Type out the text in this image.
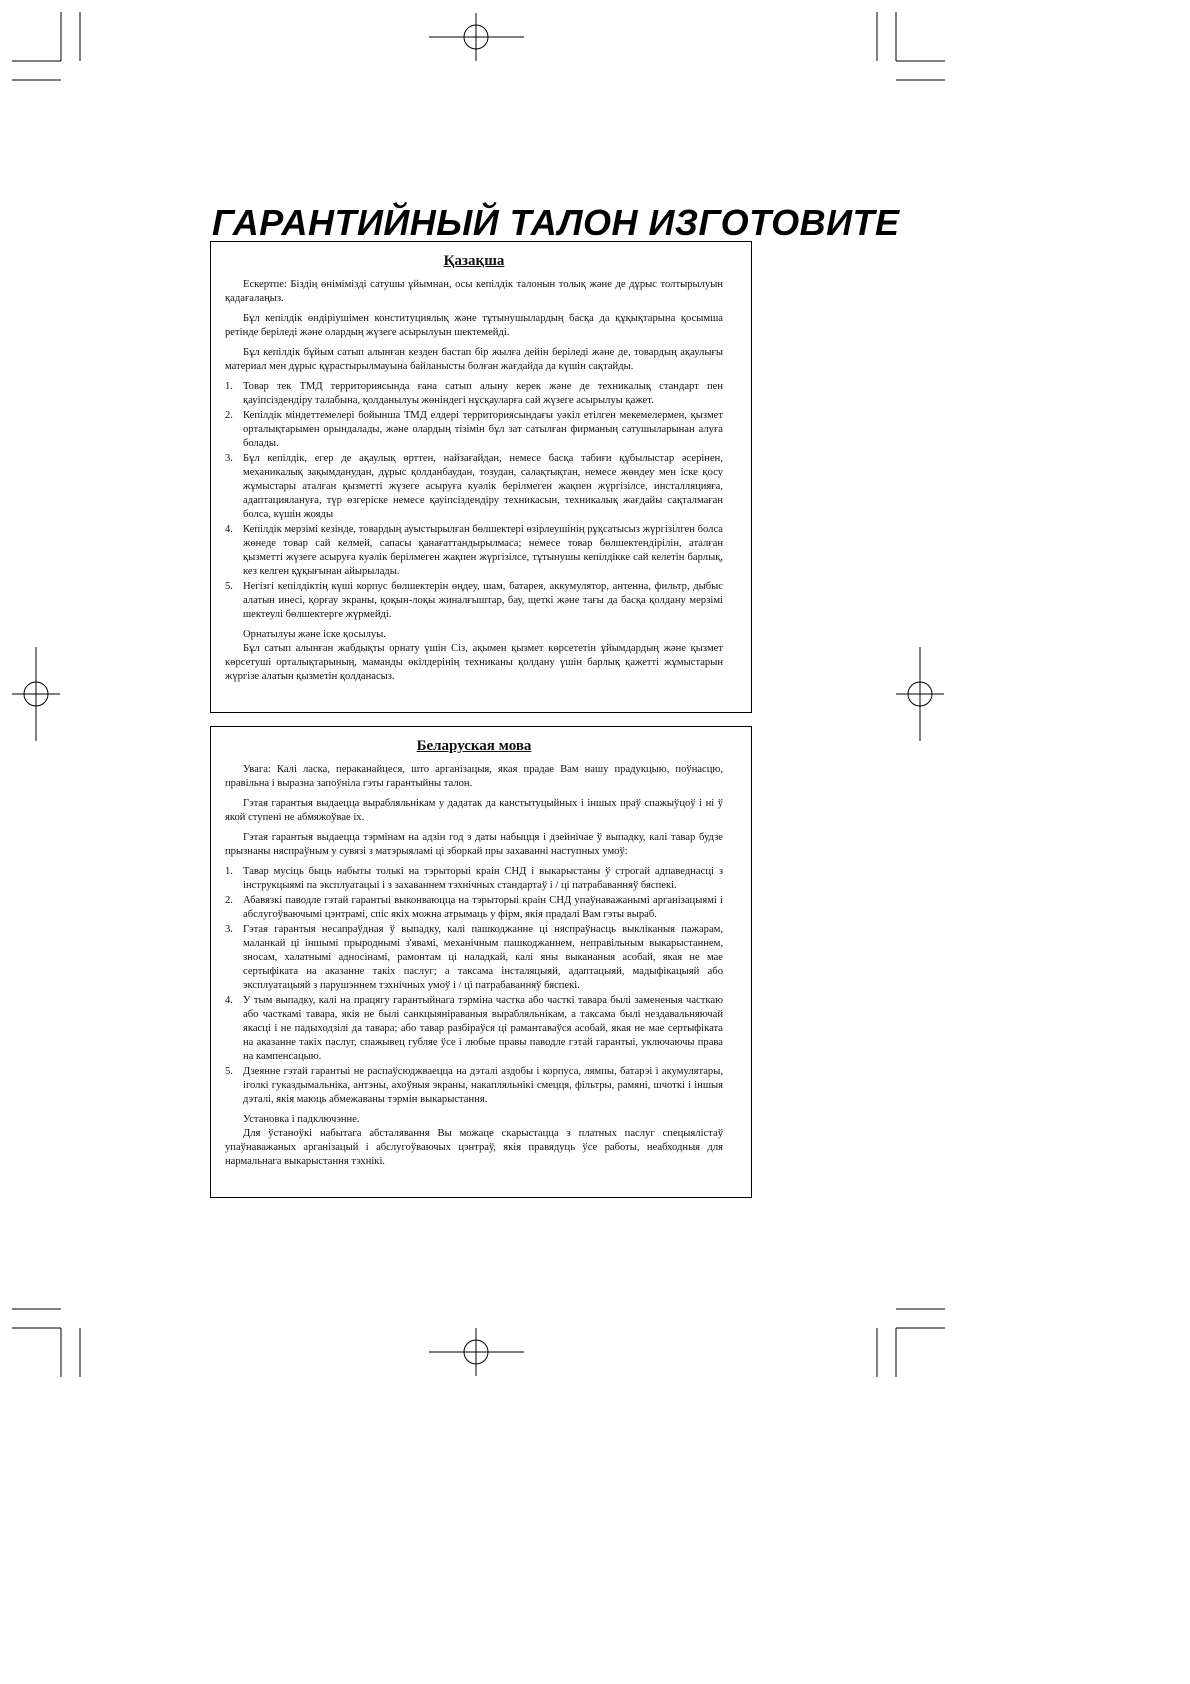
ГАРАНТИЙНЫЙ ТАЛОН ИЗГОТОВИТЕ
Қазақша

Ескертпе: Біздің өнімімізді сатушы ұйымнан, осы кепілдік талонын толық және де дұрыс толтырылуын қадағалаңыз.

Бұл кепілдік өндіріушімен конституциялық және тұтынушылардың басқа да құқықтарына қосымша ретінде беріледі және олардың жүзеге асырылуын шектемейді.

Бұл кепілдік бұйым сатып алынған кезден бастап бір жылға дейін беріледі және де, товардың ақаулығы материал мен дұрыс құрастырылмауына байланысты болған жағдайда да күшін сақтайды.

1. Товар тек ТМД территориясында ғана сатып алыну керек және де техникалық стандарт пен қауіпсіздендіру талабына, қолданылуы жөніндегі нұсқауларға сай жүзеге асырылуы қажет.
2. Кепілдік міндеттемелері бойынша ТМД елдері территориясындағы уәкіл етілген мекемелермен, қызмет орталықтарымен орындалады, және олардың тізімін бұл зат сатылған фирманың сатушыларынан алуға болады.
3. Бұл кепілдік, егер де ақаулық өрттен, найзағайдан, немесе басқа табиғи құбылыстар әсерінен, механикалық зақымданудан, дұрыс қолданбаудан, тозудан, салақтықтан, немесе жөндеу мен іске қосу жұмыстары аталған қызметті жүзеге асыруға куәлік берілмеген жақпен жүргізілсе, инсталляцияға, адаптациялануға, түр өзгеріске немесе қауіпсіздендіру техникасын, техникалық жағдайы сақталмаған болса, күшін жояды
4. Кепілдік мерзімі кезінде, товардың ауыстырылған бөлшектері өзірлеушінің рұқсатысыз жүргізілген болса жөнеде товар сай келмей, сапасы қанағаттандырылмаса; немесе товар бөлшектендірілін, аталған қызметті жүзеге асыруға куәлік берілмеген жақпен жүргізілсе, тұтынушы кепілдікке сай келетін барлық, кез келген құқығынан айырылады.
5. Негізгі кепілдіктің күші корпус бөлшектерін өңдеу, шам, батарея, аккумулятор, антенна, фильтр, дыбыс алатын инесі, қорғау экраны, қоқын-лоқы жиналғыштар, бау, щеткі және тағы да басқа қолдану мерзімі шектеулі бөлшектерге жүрмейді.

Орнатылуы және іске қосылуы.

Бұл сатып алынған жабдықты орнату үшін Сіз, ақымен қызмет көрсететін ұйымдардың және қызмет көрсетуші орталықтарының, маманды өкілдерінің техниканы қолдану үшін барлық қажетті жұмыстарын жүргізе алатын қызметін қолданасыз.

Беларуская мова

Увага: Калі ласка, пераканайцеся, што арганізацыя, якая прадае Вам нашу прадукцыю, поўнасцю, правільна і выразна запоўніла гэты гарантыйны талон.

Гэтая гарантыя выдаецца вырабляльнікам у дадатак да канстытуцыйных і іншых праў спажыўцоў і ні ў якой ступені не абмяжоўвае іх.

Гэтая гарантыя выдаецца тэрмінам на адзін год з даты набыцця і дзейнічае ў выпадку, калі тавар будзе прызнаны няспраўным у сувязі з матэрыяламі ці зборкай пры захаванні наступных умоў:

1. Тавар мусіць быць набыты толькі на тэрыторыі краін СНД і выкарыстаны ў строгай адпаведнасці з інструкцыямі па эксплуатацыі і з захаваннем тэхнічных стандартаў і / ці патрабаванняў бяспекі.
2. Абавязкі паводле гэтай гарантыі выконваюцца на тэрыторыі краін СНД упаўнаважанымі арганізацыямі і абслугоўваючымі цэнтрамі, спіс якіх можна атрымаць у фірм, якія прадалі Вам гэты выраб.
3. Гэтая гарантыя несапраўдная ў выпадку, калі пашкоджанне ці няспраўнасць выкліканыя пажарам, маланкай ці іншымі прыроднымі з'явамі, механічным пашкоджаннем, неправільным выкарыстаннем, зносам, халатнымі адносінамі, рамонтам ці наладкай, калі яны выкананыя асобай, якая не мае сертыфіката на аказанне такіх паслуг; а таксама інсталяцыяй, адаптацыяй, мадыфікацыяй або эксплуатацыяй з парушэннем тэхнічных умоў і / ці патрабаванняў бяспекі.
4. У тым выпадку, калі на працягу гарантыйнага тэрміна частка або часткі тавара былі замененыя часткаю або часткамі тавара, якія не былі санкцыянiраваныя вырабляльнікам, а таксама былі нездавальняючай якасці і не падыходзілі да тавара; або тавар разбіраўся ці рамантаваўся асобай, якая не мае сертыфіката на аказанне такіх паслуг, спажывец губляе ўсе і любые правы паводле гэтай гарантыі, уключаючы права на кампенсацыю.
5. Дзеянне гэтай гарантыі не распаўсюджваецца на дэталі аздобы і корпуса, лямпы, батарэі і акумулятары, іголкі гуказдымальніка, антэны, ахоўныя экраны, накапляльнікі смецця, фільтры, рамяні, шчоткі і іншыя дэталі, якія маюць абмежаваны тэрмін выкарыстання.

Установка і падключэнне.

Для ўстаноўкі набытага абсталявання Вы можаце скарыстацца з платных паслуг спецыялістаў упаўнаважаных арганізацый і абслугоўваючых цэнтраў, якія правядуць ўсе работы, неабходныя для нармальнага выкарыстання тэхнікі.
